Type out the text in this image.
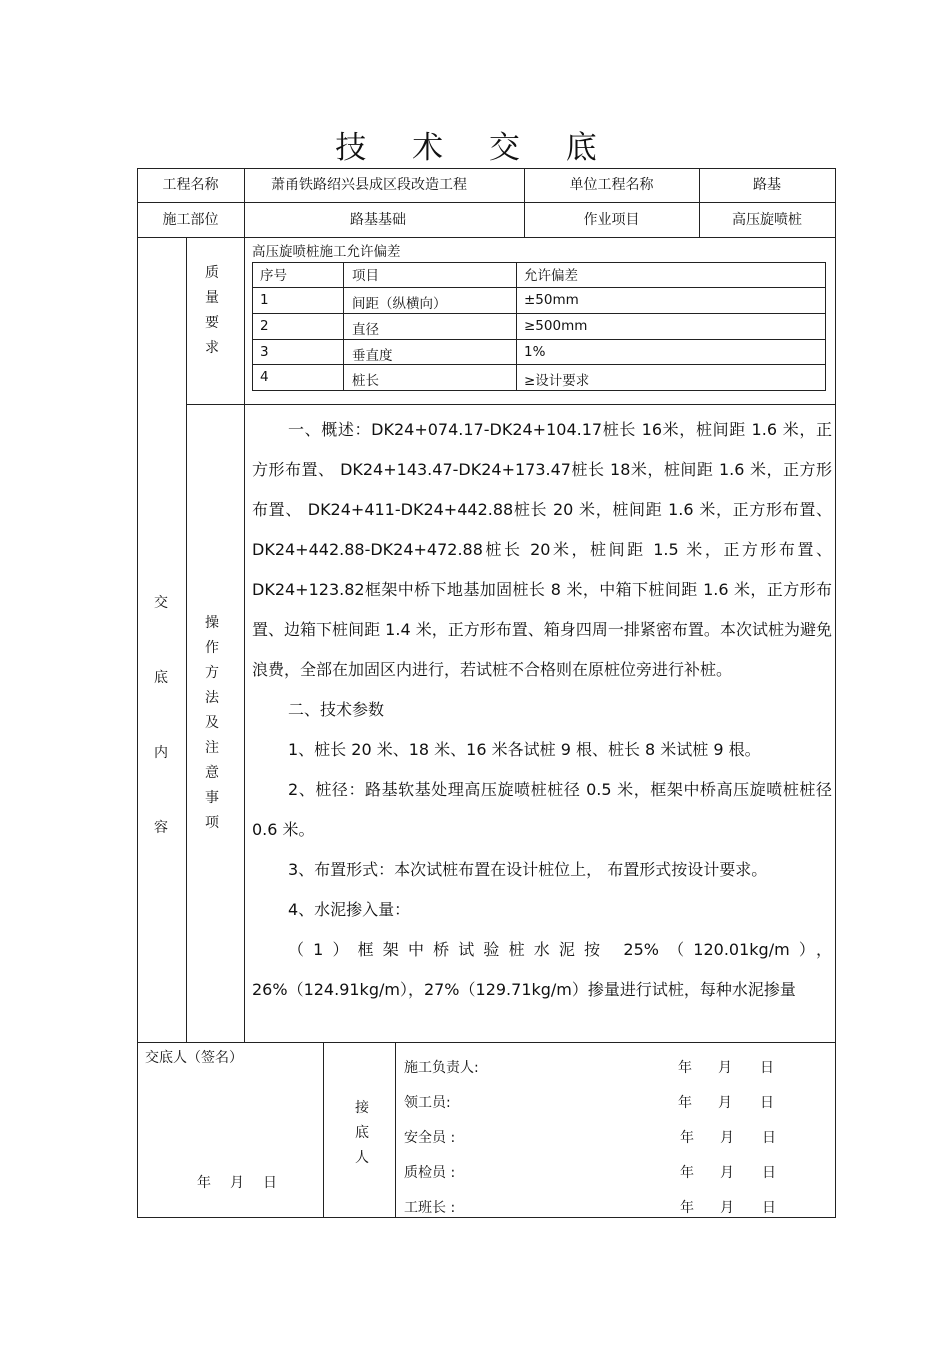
技 术 交 底
工程名称	萧甬铁路绍兴县成区段改造工程	单位工程名称	路基
施工部位	路基基础	作业项目	高压旋喷桩
交
底
内
容
质
量
要
求
高压旋喷桩施工允许偏差
序号	项目	允许偏差
1	间距（纵横向）	±50mm
2	直径	≥500mm
3	垂直度	1%
4	桩长	≥设计要求
操
作
方
法
及
注
意
事
项

一、概述：DK24+074.17-DK24+104.17桩长 16米，桩间距 1.6 米，正方形布置、 DK24+143.47-DK24+173.47桩长 18米，桩间距 1.6 米，正方形布置、 DK24+411-DK24+442.88桩长 20 米，桩间距 1.6 米，正方形布置、 DK24+442.88-DK24+472.88桩长 20米，桩间距 1.5 米，正方形布置、 DK24+123.82框架中桥下地基加固桩长 8 米，中箱下桩间距 1.6 米，正方形布置、边箱下桩间距 1.4 米，正方形布置、箱身四周一排紧密布置。本次试桩为避免浪费，全部在加固区内进行，若试桩不合格则在原桩位旁进行补桩。

二、技术参数

1、桩长 20 米、18 米、16 米各试桩 9 根、桩长 8 米试桩 9 根。

2、桩径：路基软基处理高压旋喷桩桩径 0.5 米，框架中桥高压旋喷桩桩径 0.6 米。

3、布置形式：本次试桩布置在设计桩位上， 布置形式按设计要求。

4、水泥掺入量：

（1）框架中桥试验桩水泥按 25%（120.01kg/m），26%（124.91kg/m），27%（129.71kg/m）掺量进行试桩，每种水泥掺量

交底人（签名）
年 月 日
接
底
人
施工负责人:	年 月 日
领工员:	年 月 日
安全员 :	年 月 日
质检员 :	年 月 日
工班长 :	年 月 日
